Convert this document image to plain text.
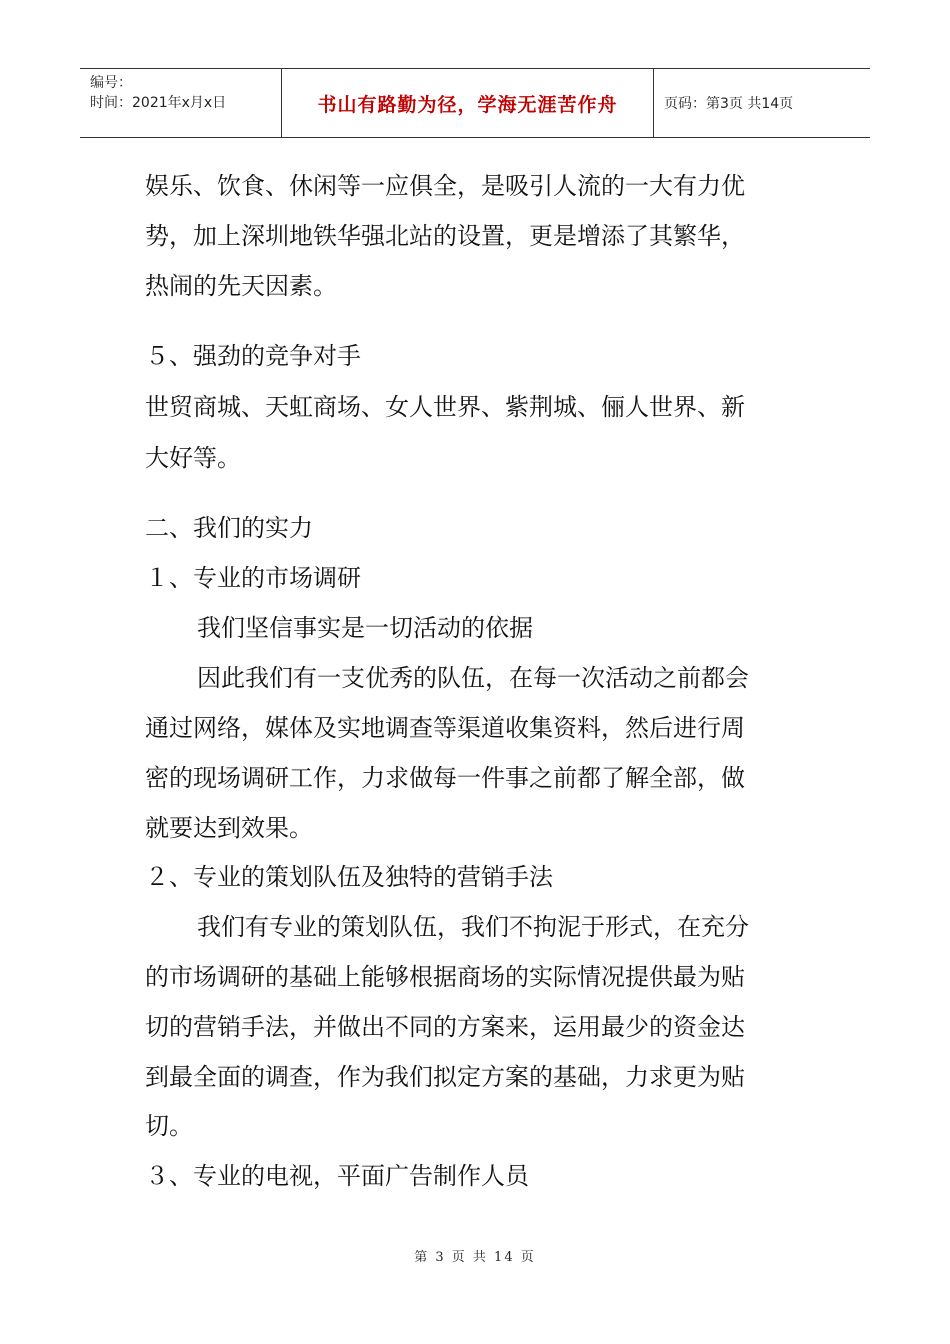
编号：
时间：2021年x月x日	书山有路勤为径，学海无涯苦作舟	页码：第3页 共14页
娱乐、饮食、休闲等一应俱全，是吸引人流的一大有力优
势，加上深圳地铁华强北站的设置，更是增添了其繁华，
热闹的先天因素。
５、强劲的竞争对手
世贸商城、天虹商场、女人世界、紫荆城、俪人世界、新
大好等。
二、我们的实力
１、专业的市场调研
我们坚信事实是一切活动的依据
因此我们有一支优秀的队伍，在每一次活动之前都会
通过网络，媒体及实地调查等渠道收集资料，然后进行周
密的现场调研工作，力求做每一件事之前都了解全部，做
就要达到效果。
２、专业的策划队伍及独特的营销手法
我们有专业的策划队伍，我们不拘泥于形式，在充分
的市场调研的基础上能够根据商场的实际情况提供最为贴
切的营销手法，并做出不同的方案来，运用最少的资金达
到最全面的调查，作为我们拟定方案的基础，力求更为贴
切。
３、专业的电视，平面广告制作人员
第 3 页 共 14 页
